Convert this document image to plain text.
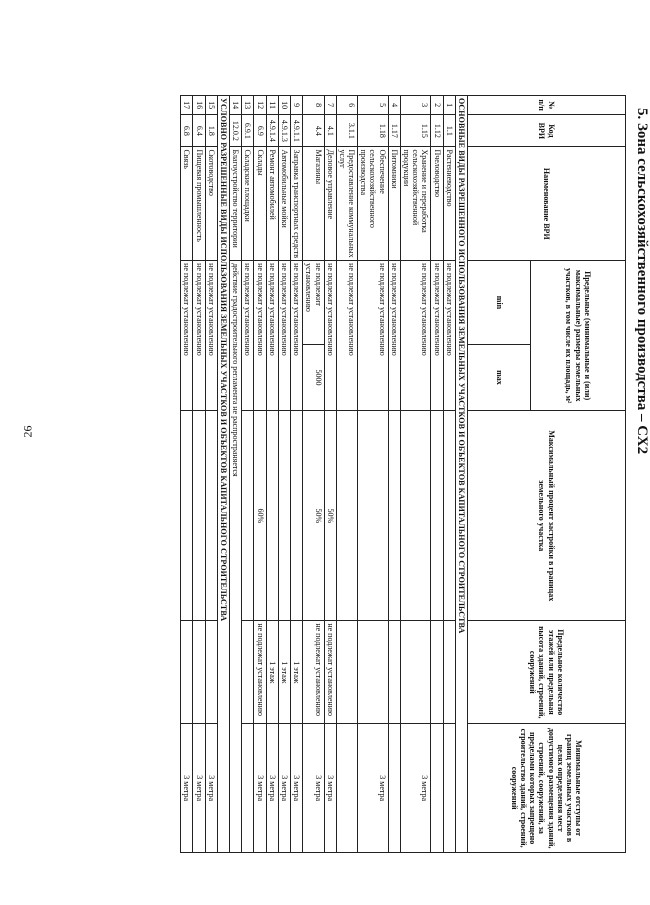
26	5. Зона сельскохозяйственного производства – СХ2
№ п/п	Код ВРИ	Наименование ВРИ	Предельные (минимальные и (или) максимальные) размеры земельных участков, в том числе их площадь, м²		Максимальный процент застройки в границах земельного участка	Предельное количество этажей или предельная высота зданий, строений, сооружений	Минимальные отступы от границ земельных участков в целях определения мест допустимого размещения зданий, строений, сооружений, за пределами которых запрещено строительство зданий, строений, сооружений
			min	max			
ОСНОВНЫЕ ВИДЫ РАЗРЕШЕННОГО ИСПОЛЬЗОВАНИЯ ЗЕМЕЛЬНЫХ УЧАСТКОВ И ОБЪЕКТОВ КАПИТАЛЬНОГО СТРОИТЕЛЬСТВА							
1	1.1	Растениеводство	не подлежат установлению				
2	1.12	Пчеловодство	не подлежат установлению				
3	1.15	Хранение и переработка сельскохозяйственной продукции	не подлежат установлению				3 метра
4	1.17	Питомники	не подлежат установлению				
5	1.18	Обеспечение сельскохозяйственного производства	не подлежат установлению				3 метра
6	3.1.1	Предоставление коммунальных услуг	не подлежат установлению				
7	4.1	Деловое управление	не подлежат установлению		50%	не подлежат установлению	3 метра
8	4.4	Магазины	не подлежит установлению	5000	50%	не подлежат установлению	3 метра
9	4.9.1.1	Заправка транспортных средств	не подлежат установлению			1 этаж	3 метра
10	4.9.1.3	Автомобильные мойки	не подлежат установлению			1 этаж	3 метра
11	4.9.1.4	Ремонт автомобилей	не подлежат установлению			1 этаж	3 метра
12	6.9	Склады	не подлежат установлению		60%	не подлежат установлению	3 метра
13	6.9.1	Складские площадки	не подлежат установлению				
14	12.0.2	Благоустройство территории	действие градостроительного регламента не распространяется				
УСЛОВНО РАЗРЕШЕННЫЕ ВИДЫ ИСПОЛЬЗОВАНИЯ ЗЕМЕЛЬНЫХ УЧАСТКОВ И ОБЪЕКТОВ КАПИТАЛЬНОГО СТРОИТЕЛЬСТВА							
15	1.8	Скотоводство	не подлежат установлению				3 метра
16	6.4	Пищевая промышленность	не подлежат установлению				3 метра
17	6.8	Связь	не подлежат установлению				3 метра
